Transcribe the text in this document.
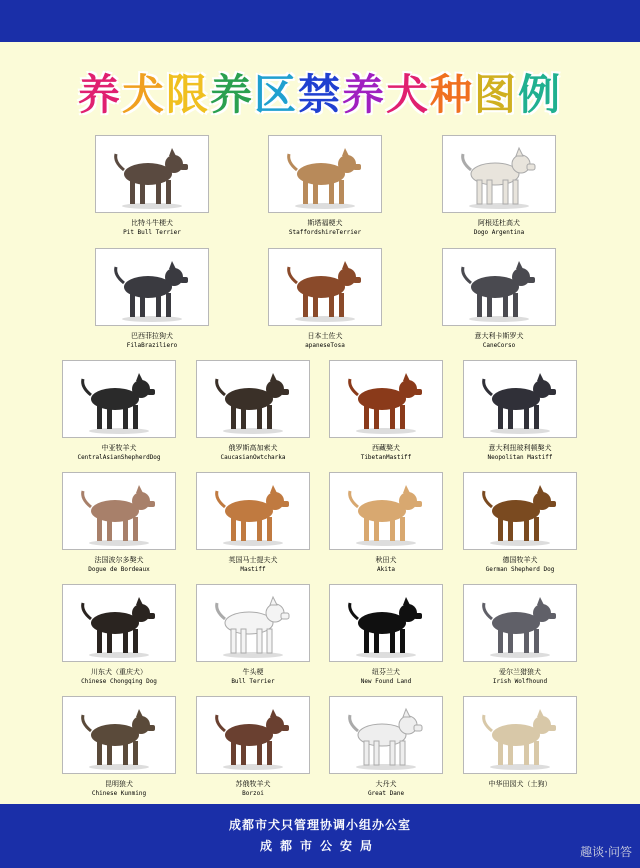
养犬限养区禁养犬种图例
比特斗牛梗犬
Pit Bull Terrier
斯塔福梗犬
StaffordshireTerrier
阿根廷杜高犬
Dogo Argentina
巴西菲拉狗犬
FilaBraziliero
日本土佐犬
apaneseTosa
意大利卡斯罗犬
CaneCorso
中亚牧羊犬
CentralAsianShepherdDog
俄罗斯高加索犬
CaucasianOwtcharka
西藏獒犬
TibetanMastiff
意大利扭玻利顿獒犬
Neopolitan Mastiff
法国波尔多獒犬
Dogue de Bordeaux
英国马士提夫犬
Mastiff
秋田犬
Akita
德国牧羊犬
German Shepherd Dog
川东犬（重庆犬）
Chinese Chongqing Dog
牛头梗
Bull Terrier
纽芬兰犬
New Found Land
爱尔兰猎狼犬
Irish Wolfhound
昆明狼犬
Chinese Kunming
苏俄牧羊犬
Borzoi
大丹犬
Great Dane
中华田园犬（土狗）
成都市犬只管理协调小组办公室
成都市公安局	趣谈·问答
